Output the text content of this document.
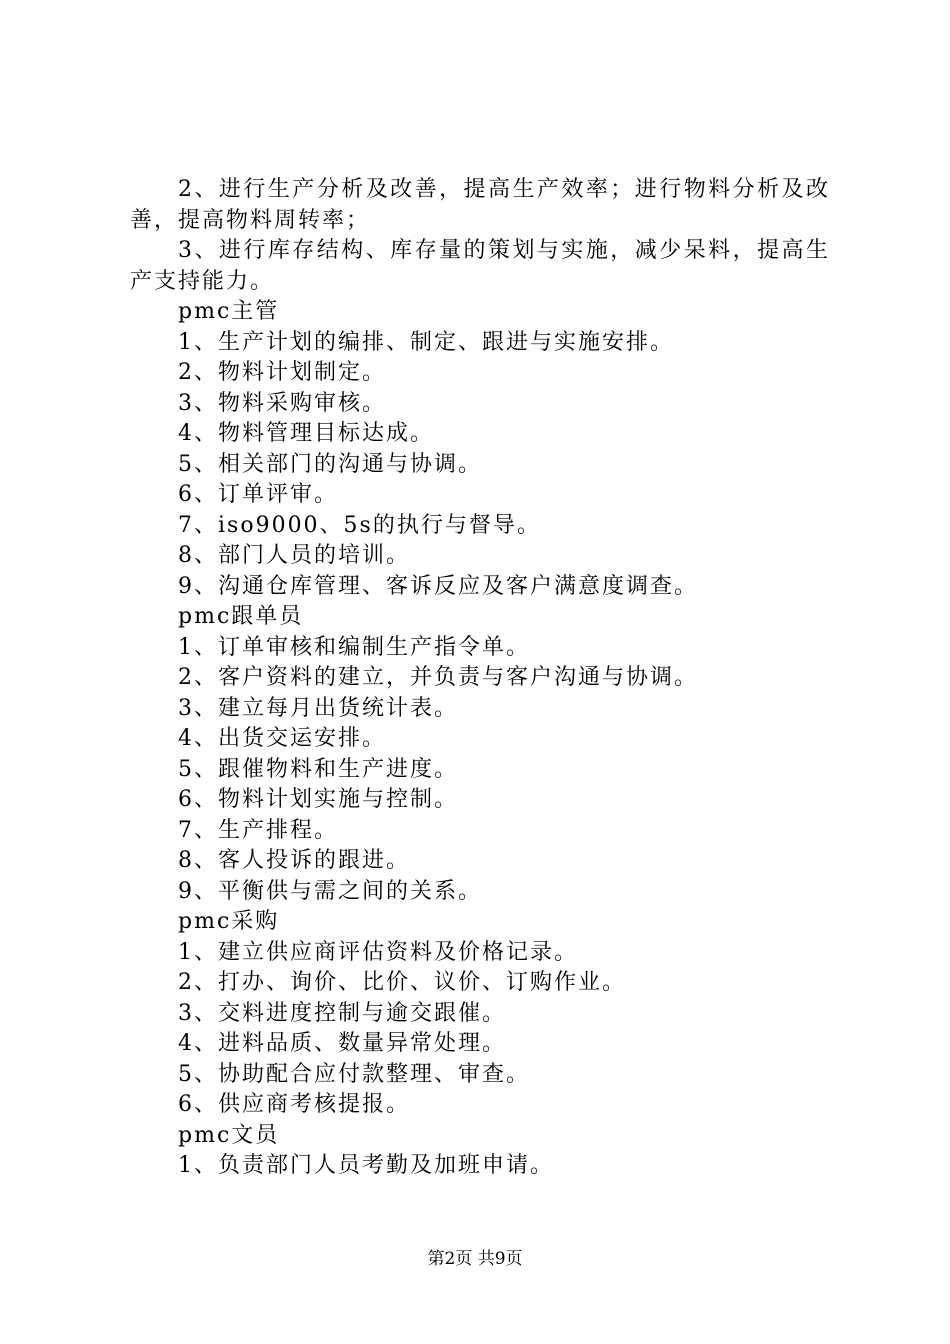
2、进行生产分析及改善，提高生产效率；进行物料分析及改善，提高物料周转率；

3、进行库存结构、库存量的策划与实施，减少呆料，提高生产支持能力。

pmc主管

1、生产计划的编排、制定、跟进与实施安排。

2、物料计划制定。

3、物料采购审核。

4、物料管理目标达成。

5、相关部门的沟通与协调。

6、订单评审。

7、iso9000、5s的执行与督导。

8、部门人员的培训。

9、沟通仓库管理、客诉反应及客户满意度调查。

pmc跟单员

1、订单审核和编制生产指令单。

2、客户资料的建立，并负责与客户沟通与协调。

3、建立每月出货统计表。

4、出货交运安排。

5、跟催物料和生产进度。

6、物料计划实施与控制。

7、生产排程。

8、客人投诉的跟进。

9、平衡供与需之间的关系。

pmc采购

1、建立供应商评估资料及价格记录。

2、打办、询价、比价、议价、订购作业。

3、交料进度控制与逾交跟催。

4、进料品质、数量异常处理。

5、协助配合应付款整理、审查。

6、供应商考核提报。

pmc文员

1、负责部门人员考勤及加班申请。

第2页 共9页
